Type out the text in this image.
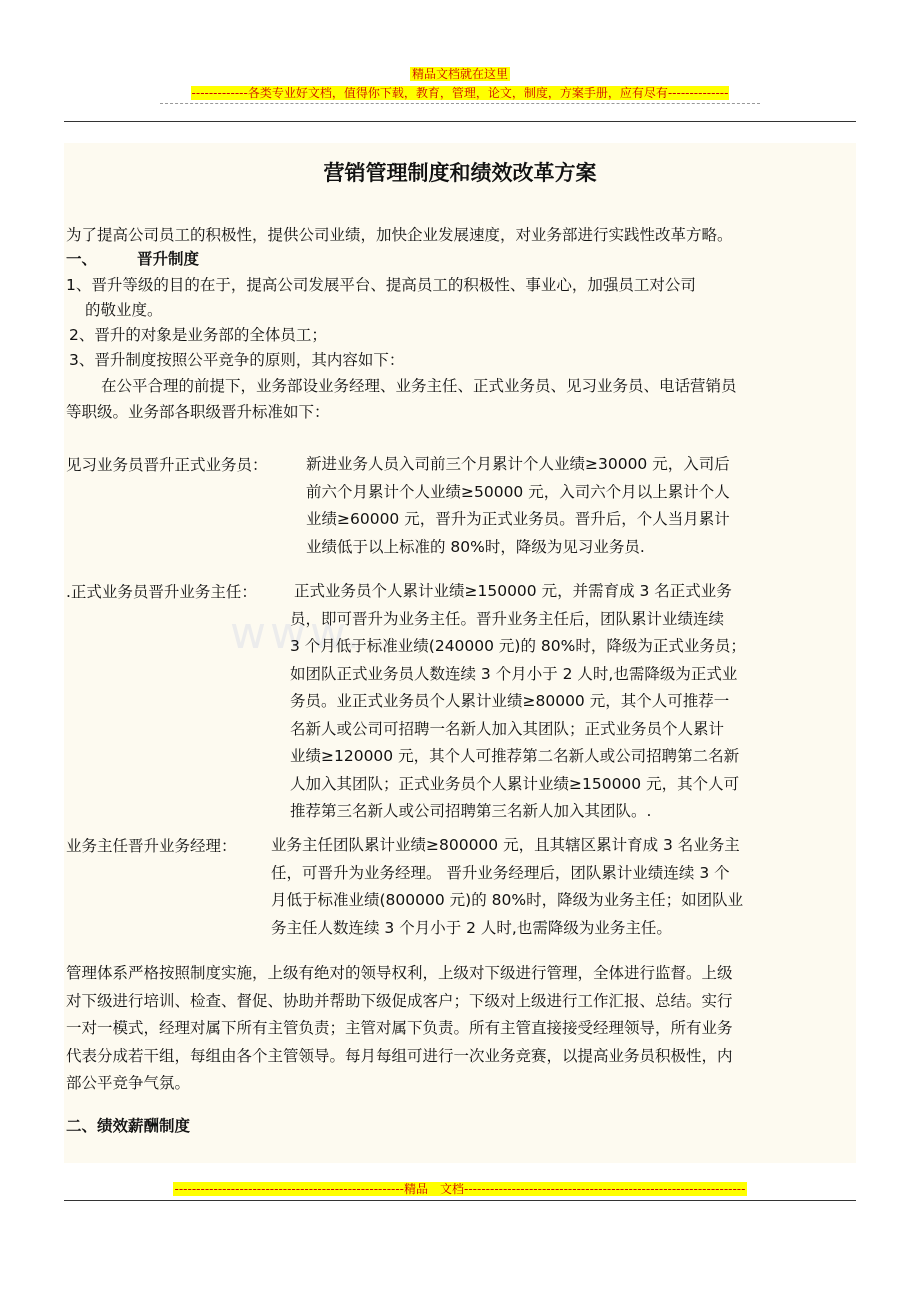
精品文档就在这里
-------------各类专业好文档，值得你下载，教育，管理，论文，制度，方案手册，应有尽有--------------
www.
营销管理制度和绩效改革方案
为了提高公司员工的积极性，提供公司业绩，加快企业发展速度，对业务部进行实践性改革方略。
一、	晋升制度
1、晋升等级的目的在于，提高公司发展平台、提高员工的积极性、事业心，加强员工对公司
的敬业度。
2、晋升的对象是业务部的全体员工；
3、晋升制度按照公平竞争的原则，其内容如下：
在公平合理的前提下，业务部设业务经理、业务主任、正式业务员、见习业务员、电话营销员
等职级。业务部各职级晋升标准如下：
见习业务员晋升正式业务员： 新进业务人员入司前三个月累计个人业绩≥30000 元，入司后
前六个月累计个人业绩≥50000 元，入司六个月以上累计个人
业绩≥60000 元，晋升为正式业务员。晋升后，个人当月累计
业绩低于以上标准的 80%时，降级为见习业务员.
.正式业务员晋升业务主任： 正式业务员个人累计业绩≥150000 元，并需育成 3 名正式业务
员，即可晋升为业务主任。晋升业务主任后，团队累计业绩连续
3 个月低于标准业绩(240000 元)的 80%时，降级为正式业务员；
如团队正式业务员人数连续 3 个月小于 2 人时,也需降级为正式业
务员。业正式业务员个人累计业绩≥80000 元，其个人可推荐一
名新人或公司可招聘一名新人加入其团队；正式业务员个人累计
业绩≥120000 元，其个人可推荐第二名新人或公司招聘第二名新
人加入其团队；正式业务员个人累计业绩≥150000 元，其个人可
推荐第三名新人或公司招聘第三名新人加入其团队。.
业务主任晋升业务经理： 业务主任团队累计业绩≥800000 元，且其辖区累计育成 3 名业务主
任，可晋升为业务经理。 晋升业务经理后，团队累计业绩连续 3 个
月低于标准业绩(800000 元)的 80%时，降级为业务主任；如团队业
务主任人数连续 3 个月小于 2 人时,也需降级为业务主任。
管理体系严格按照制度实施，上级有绝对的领导权利，上级对下级进行管理，全体进行监督。上级
对下级进行培训、检查、督促、协助并帮助下级促成客户；下级对上级进行工作汇报、总结。实行
一对一模式，经理对属下所有主管负责；主管对属下负责。所有主管直接接受经理领导，所有业务
代表分成若干组，每组由各个主管领导。每月每组可进行一次业务竞赛，以提高业务员积极性，内
部公平竞争气氛。
二、绩效薪酬制度
-----------------------------------------------------精品　文档-----------------------------------------------------------------
